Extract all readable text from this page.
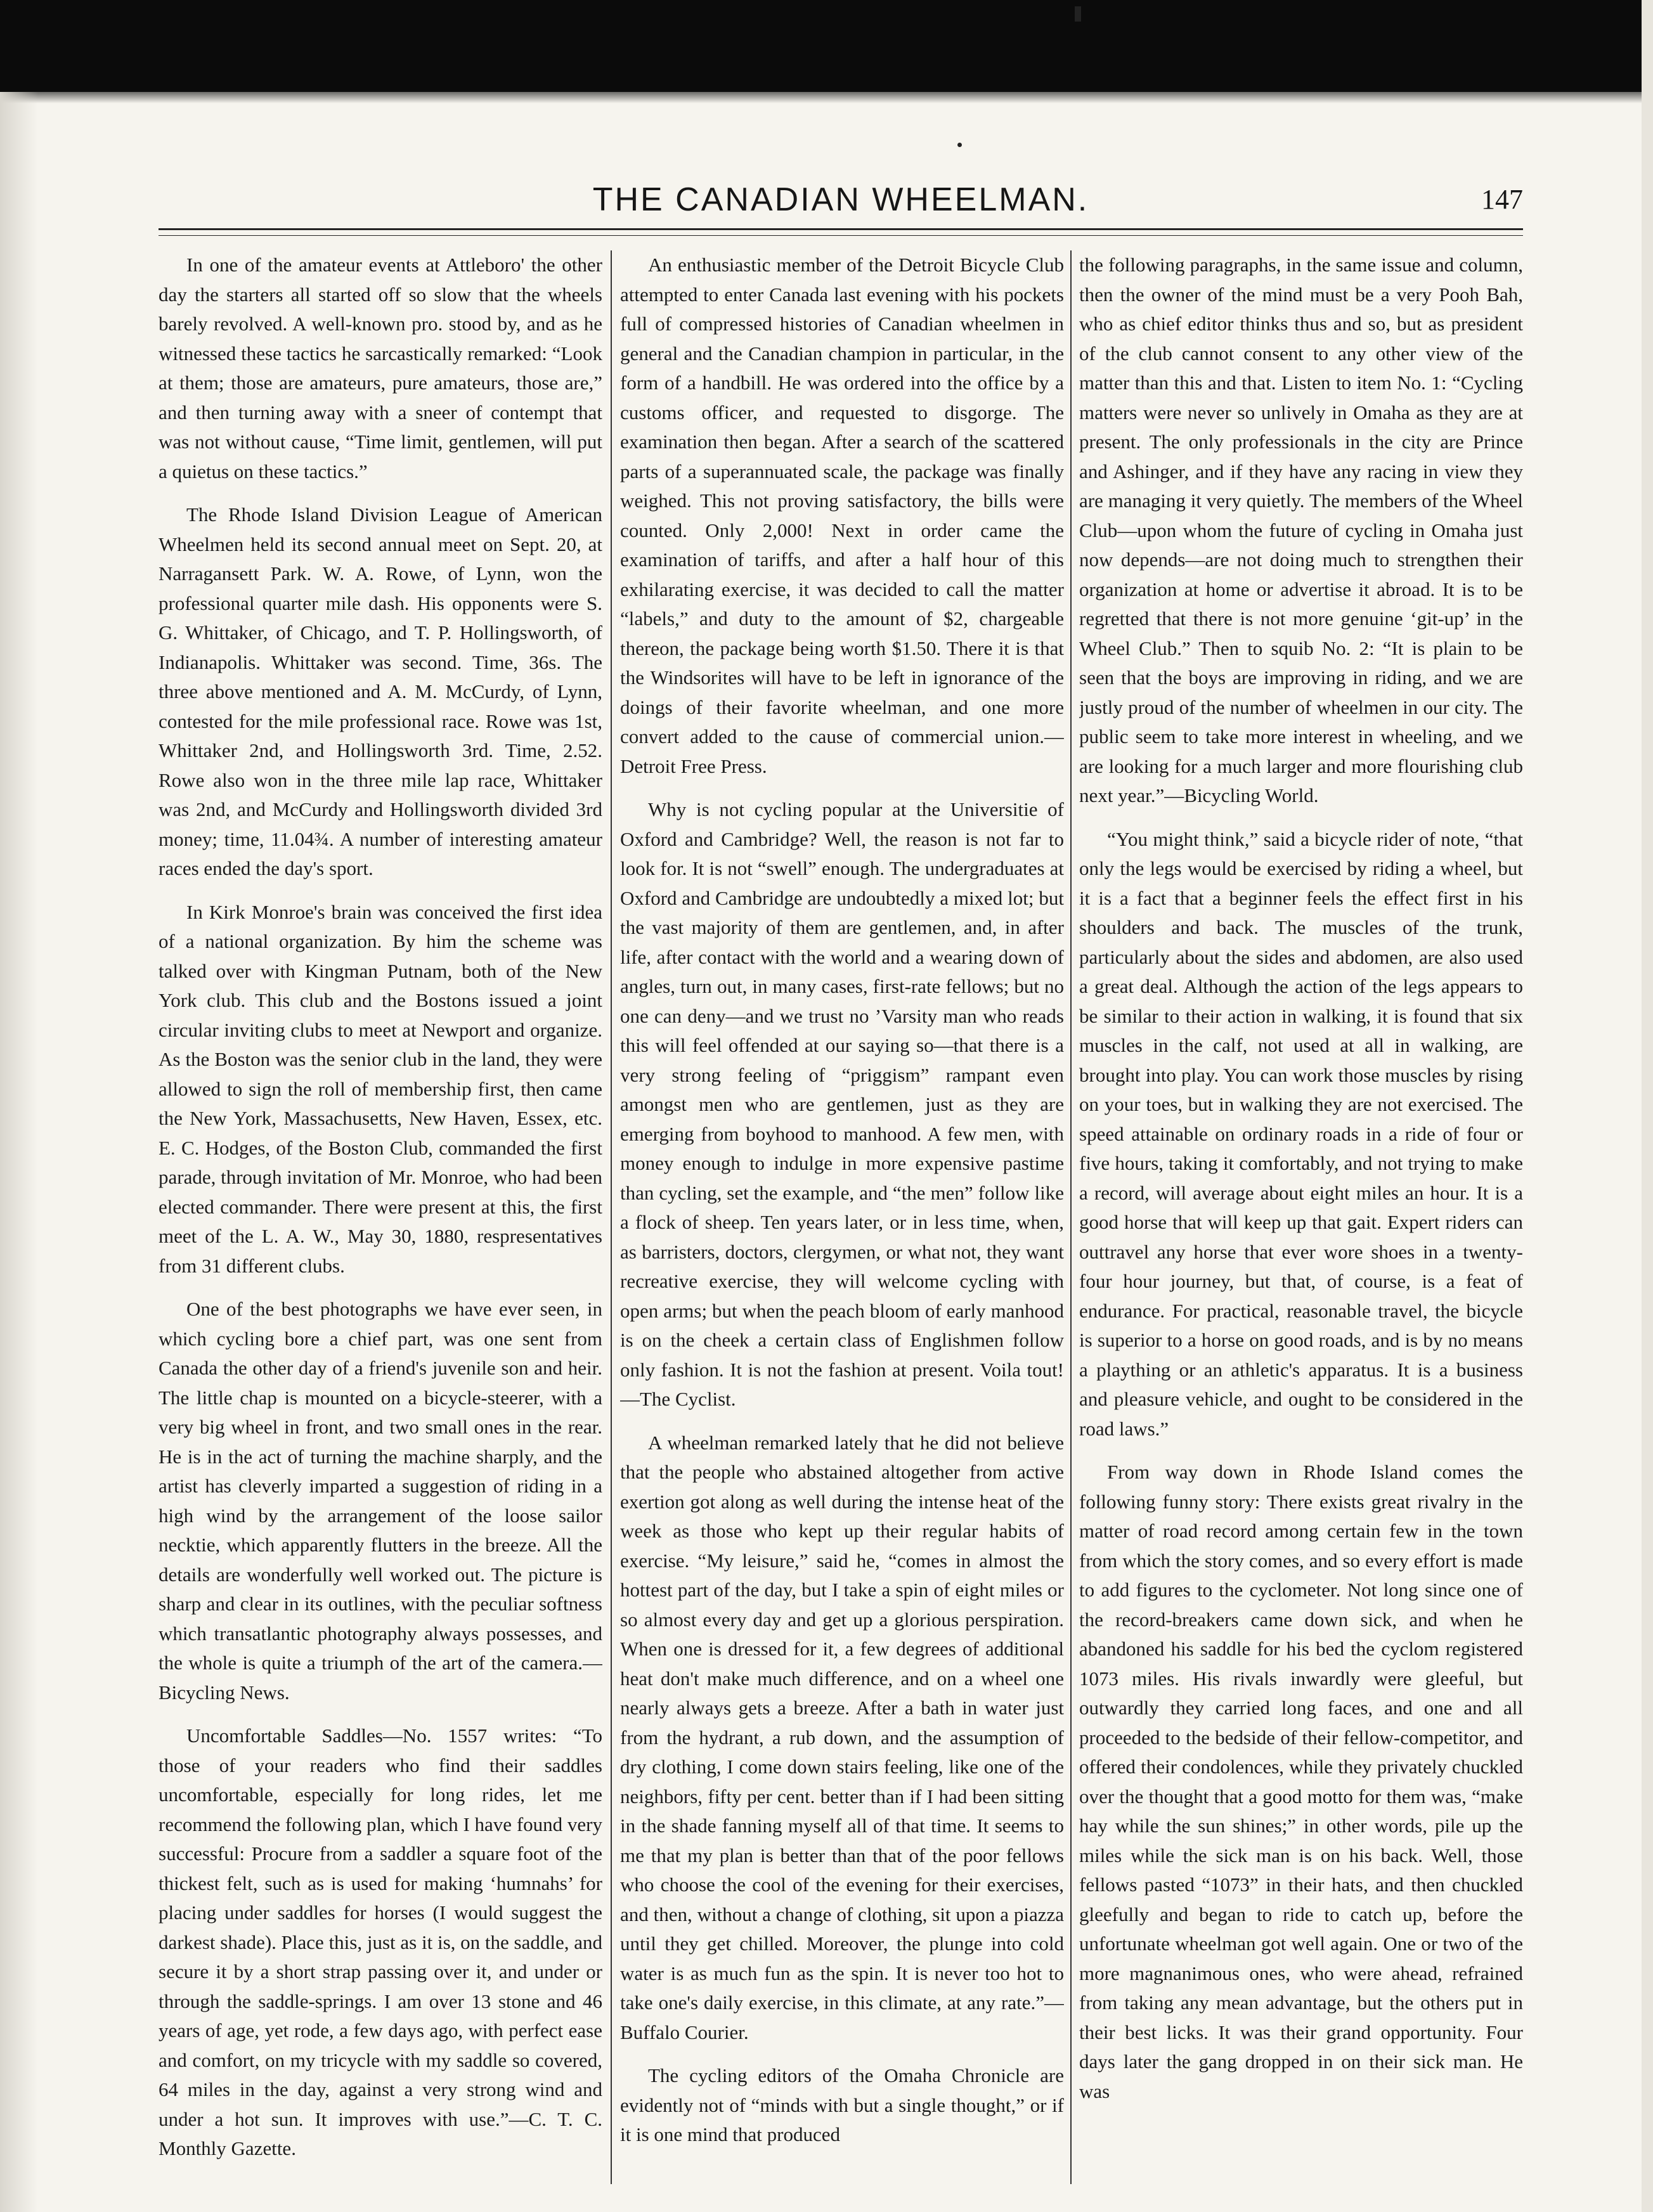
THE CANADIAN WHEELMAN.	147

In one of the amateur events at Attleboro' the other day the starters all started off so slow that the wheels barely revolved. A well-known pro. stood by, and as he witnessed these tactics he sarcastically remarked: “Look at them; those are amateurs, pure amateurs, those are,” and then turning away with a sneer of contempt that was not without cause, “Time limit, gentlemen, will put a quietus on these tactics.”

The Rhode Island Division League of American Wheelmen held its second annual meet on Sept. 20, at Narragansett Park. W. A. Rowe, of Lynn, won the professional quarter mile dash. His opponents were S. G. Whittaker, of Chicago, and T. P. Hollingsworth, of Indianapolis. Whittaker was second. Time, 36s. The three above mentioned and A. M. McCurdy, of Lynn, contested for the mile professional race. Rowe was 1st, Whittaker 2nd, and Hollingsworth 3rd. Time, 2.52. Rowe also won in the three mile lap race, Whittaker was 2nd, and McCurdy and Hollingsworth divided 3rd money; time, 11.04¾. A number of interesting amateur races ended the day's sport.

In Kirk Monroe's brain was conceived the first idea of a national organization. By him the scheme was talked over with Kingman Putnam, both of the New York club. This club and the Bostons issued a joint circular inviting clubs to meet at Newport and organize. As the Boston was the senior club in the land, they were allowed to sign the roll of membership first, then came the New York, Massachusetts, New Haven, Essex, etc. E. C. Hodges, of the Boston Club, commanded the first parade, through invitation of Mr. Monroe, who had been elected commander. There were present at this, the first meet of the L. A. W., May 30, 1880, respresentatives from 31 different clubs.

One of the best photographs we have ever seen, in which cycling bore a chief part, was one sent from Canada the other day of a friend's juvenile son and heir. The little chap is mounted on a bicycle-steerer, with a very big wheel in front, and two small ones in the rear. He is in the act of turning the machine sharply, and the artist has cleverly imparted a suggestion of riding in a high wind by the arrangement of the loose sailor necktie, which apparently flutters in the breeze. All the details are wonderfully well worked out. The picture is sharp and clear in its outlines, with the peculiar softness which transatlantic photography always possesses, and the whole is quite a triumph of the art of the camera.—Bicycling News.

Uncomfortable Saddles—No. 1557 writes: “To those of your readers who find their saddles uncomfortable, especially for long rides, let me recommend the following plan, which I have found very successful: Procure from a saddler a square foot of the thickest felt, such as is used for making ‘humnahs’ for placing under saddles for horses (I would suggest the darkest shade). Place this, just as it is, on the saddle, and secure it by a short strap passing over it, and under or through the saddle-springs. I am over 13 stone and 46 years of age, yet rode, a few days ago, with perfect ease and comfort, on my tricycle with my saddle so covered, 64 miles in the day, against a very strong wind and under a hot sun. It improves with use.”—C. T. C. Monthly Gazette.

An enthusiastic member of the Detroit Bicycle Club attempted to enter Canada last evening with his pockets full of compressed histories of Canadian wheelmen in general and the Canadian champion in particular, in the form of a handbill. He was ordered into the office by a customs officer, and requested to disgorge. The examination then began. After a search of the scattered parts of a superannuated scale, the package was finally weighed. This not proving satisfactory, the bills were counted. Only 2,000! Next in order came the examination of tariffs, and after a half hour of this exhilarating exercise, it was decided to call the matter “labels,” and duty to the amount of $2, chargeable thereon, the package being worth $1.50. There it is that the Windsorites will have to be left in ignorance of the doings of their favorite wheelman, and one more convert added to the cause of commercial union.—Detroit Free Press.

Why is not cycling popular at the Universitie of Oxford and Cambridge? Well, the reason is not far to look for. It is not “swell” enough. The undergraduates at Oxford and Cambridge are undoubtedly a mixed lot; but the vast majority of them are gentlemen, and, in after life, after contact with the world and a wearing down of angles, turn out, in many cases, first-rate fellows; but no one can deny—and we trust no ’Varsity man who reads this will feel offended at our saying so—that there is a very strong feeling of “priggism” rampant even amongst men who are gentlemen, just as they are emerging from boyhood to manhood. A few men, with money enough to indulge in more expensive pastime than cycling, set the example, and “the men” follow like a flock of sheep. Ten years later, or in less time, when, as barristers, doctors, clergymen, or what not, they want recreative exercise, they will welcome cycling with open arms; but when the peach bloom of early manhood is on the cheek a certain class of Englishmen follow only fashion. It is not the fashion at present. Voila tout!—The Cyclist.

A wheelman remarked lately that he did not believe that the people who abstained altogether from active exertion got along as well during the intense heat of the week as those who kept up their regular habits of exercise. “My leisure,” said he, “comes in almost the hottest part of the day, but I take a spin of eight miles or so almost every day and get up a glorious perspiration. When one is dressed for it, a few degrees of additional heat don't make much difference, and on a wheel one nearly always gets a breeze. After a bath in water just from the hydrant, a rub down, and the assumption of dry clothing, I come down stairs feeling, like one of the neighbors, fifty per cent. better than if I had been sitting in the shade fanning myself all of that time. It seems to me that my plan is better than that of the poor fellows who choose the cool of the evening for their exercises, and then, without a change of clothing, sit upon a piazza until they get chilled. Moreover, the plunge into cold water is as much fun as the spin. It is never too hot to take one's daily exercise, in this climate, at any rate.”—Buffalo Courier.

The cycling editors of the Omaha Chronicle are evidently not of “minds with but a single thought,” or if it is one mind that produced

the following paragraphs, in the same issue and column, then the owner of the mind must be a very Pooh Bah, who as chief editor thinks thus and so, but as president of the club cannot consent to any other view of the matter than this and that. Listen to item No. 1: “Cycling matters were never so unlively in Omaha as they are at present. The only professionals in the city are Prince and Ashinger, and if they have any racing in view they are managing it very quietly. The members of the Wheel Club—upon whom the future of cycling in Omaha just now depends—are not doing much to strengthen their organization at home or advertise it abroad. It is to be regretted that there is not more genuine ‘git-up’ in the Wheel Club.” Then to squib No. 2: “It is plain to be seen that the boys are improving in riding, and we are justly proud of the number of wheelmen in our city. The public seem to take more interest in wheeling, and we are looking for a much larger and more flourishing club next year.”—Bicycling World.

“You might think,” said a bicycle rider of note, “that only the legs would be exercised by riding a wheel, but it is a fact that a beginner feels the effect first in his shoulders and back. The muscles of the trunk, particularly about the sides and abdomen, are also used a great deal. Although the action of the legs appears to be similar to their action in walking, it is found that six muscles in the calf, not used at all in walking, are brought into play. You can work those muscles by rising on your toes, but in walking they are not exercised. The speed attainable on ordinary roads in a ride of four or five hours, taking it comfortably, and not trying to make a record, will average about eight miles an hour. It is a good horse that will keep up that gait. Expert riders can outtravel any horse that ever wore shoes in a twenty-four hour journey, but that, of course, is a feat of endurance. For practical, reasonable travel, the bicycle is superior to a horse on good roads, and is by no means a plaything or an athletic's apparatus. It is a business and pleasure vehicle, and ought to be considered in the road laws.”

From way down in Rhode Island comes the following funny story: There exists great rivalry in the matter of road record among certain few in the town from which the story comes, and so every effort is made to add figures to the cyclometer. Not long since one of the record-breakers came down sick, and when he abandoned his saddle for his bed the cyclom registered 1073 miles. His rivals inwardly were gleeful, but outwardly they carried long faces, and one and all proceeded to the bedside of their fellow-competitor, and offered their condolences, while they privately chuckled over the thought that a good motto for them was, “make hay while the sun shines;” in other words, pile up the miles while the sick man is on his back. Well, those fellows pasted “1073” in their hats, and then chuckled gleefully and began to ride to catch up, before the unfortunate wheelman got well again. One or two of the more magnanimous ones, who were ahead, refrained from taking any mean advantage, but the others put in their best licks. It was their grand opportunity. Four days later the gang dropped in on their sick man. He was
